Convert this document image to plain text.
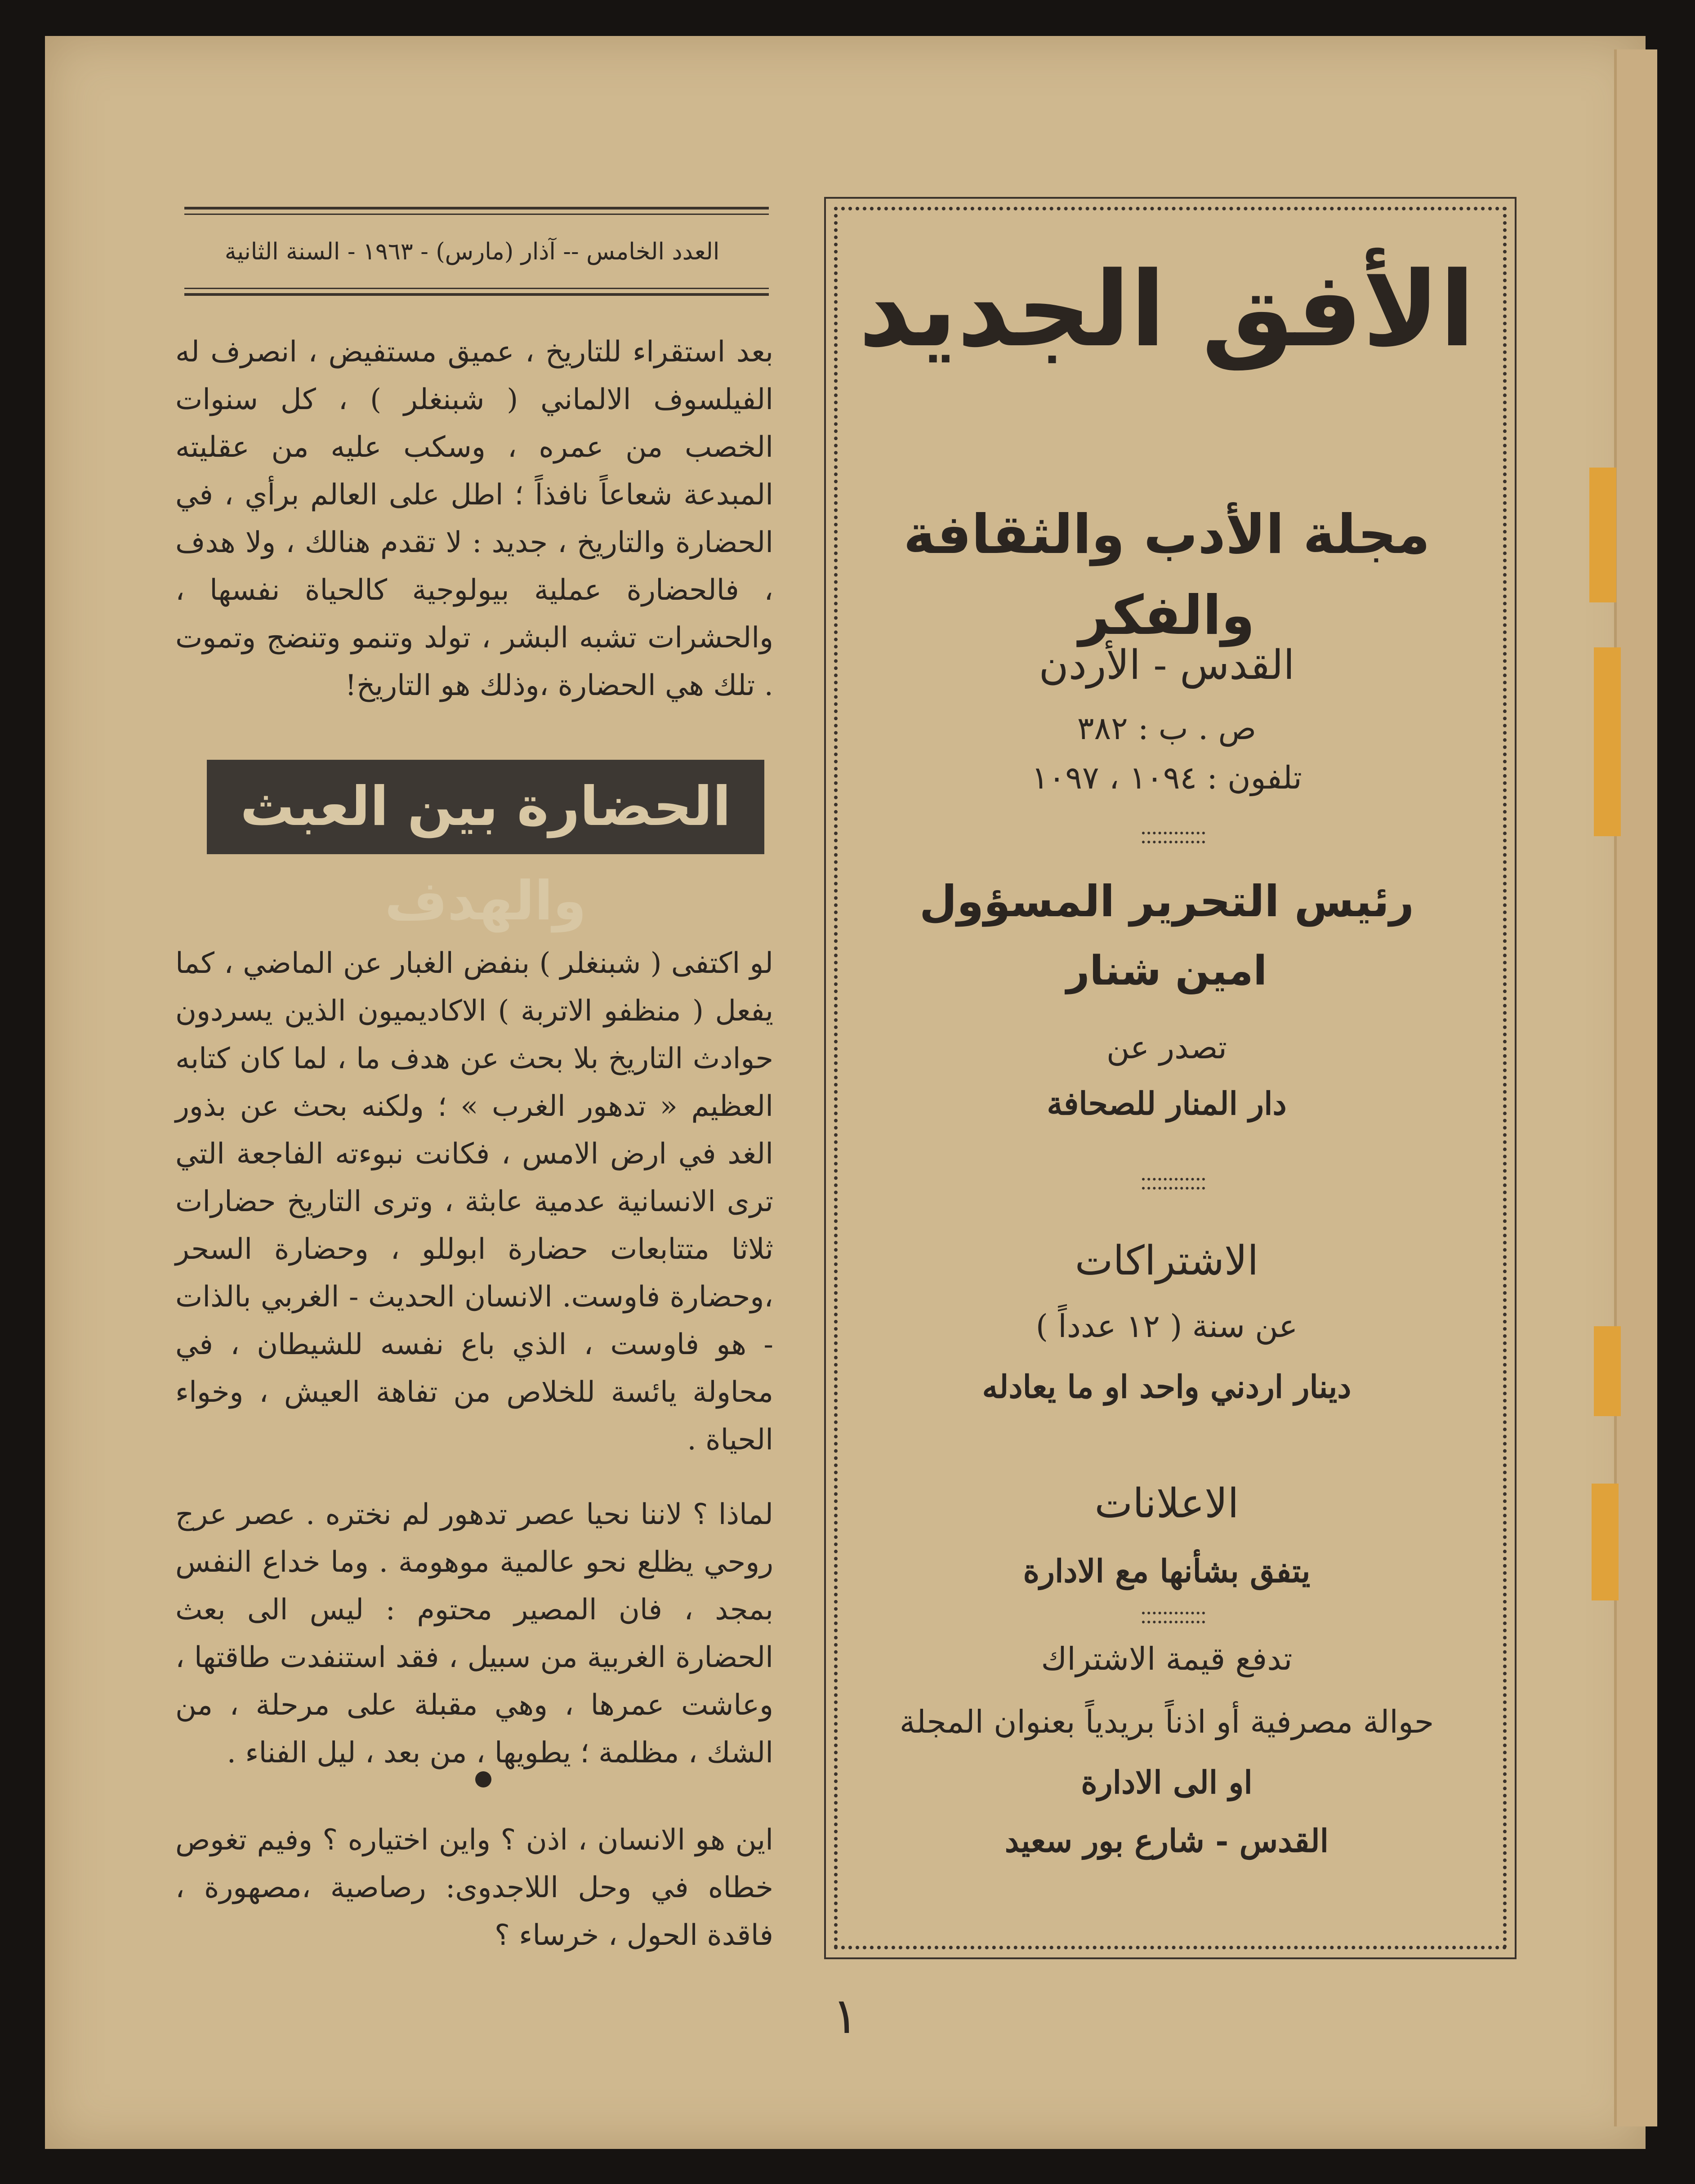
العدد الخامس -- آذار (مارس) - ١٩٦٣ - السنة الثانية

بعد استقراء للتاريخ ، عميق مستفيض ، انصرف له الفيلسوف الالماني ( شبنغلر ) ، كل سنوات الخصب من عمره ، وسكب عليه من عقليته المبدعة شعاعاً نافذاً ؛ اطل على العالم برأي ، في الحضارة والتاريخ ، جديد : لا تقدم هنالك ، ولا هدف ، فالحضارة عملية بيولوجية كالحياة نفسها ، والحشرات تشبه البشر ، تولد وتنمو وتنضج وتموت . تلك هي الحضارة ،وذلك هو التاريخ!

الحضارة بين العبث والهدف

لو اكتفى ( شبنغلر ) بنفض الغبار عن الماضي ، كما يفعل ( منظفو الاتربة ) الاكاديميون الذين يسردون حوادث التاريخ بلا بحث عن هدف ما ، لما كان كتابه العظيم « تدهور الغرب » ؛ ولكنه بحث عن بذور الغد في ارض الامس ، فكانت نبوءته الفاجعة التي ترى الانسانية عدمية عابثة ، وترى التاريخ حضارات ثلاثا متتابعات حضارة ابوللو ، وحضارة السحر ،وحضارة فاوست. الانسان الحديث - الغربي بالذات - هو فاوست ، الذي باع نفسه للشيطان ، في محاولة يائسة للخلاص من تفاهة العيش ، وخواء الحياة .

لماذا ؟ لاننا نحيا عصر تدهور لم نختره . عصر عرج روحي يظلع نحو عالمية موهومة . وما خداع النفس بمجد ، فان المصير محتوم : ليس الى بعث الحضارة الغربية من سبيل ، فقد استنفدت طاقتها ، وعاشت عمرها ، وهي مقبلة على مرحلة ، من الشك ، مظلمة ؛ يطويها ، من بعد ، ليل الفناء .

اين هو الانسان ، اذن ؟ واين اختياره ؟ وفيم تغوص خطاه في وحل اللاجدوى: رصاصية ،مصهورة ، فاقدة الحول ، خرساء ؟

الأفق الجديد
مجلة الأدب والثقافة والفكر
القدس - الأردن
ص . ب : ٣٨٢
تلفون : ١٠٩٤ ، ١٠٩٧
رئيس التحرير المسؤول
امين شنار
تصدر عن
دار المنار للصحافة
الاشتراكات
عن سنة ( ١٢ عدداً )
دينار اردني واحد او ما يعادله
الاعلانات
يتفق بشأنها مع الادارة
تدفع قيمة الاشتراك
حوالة مصرفية أو اذناً بريدياً بعنوان المجلة
او الى الادارة
القدس - شارع بور سعيد
١
